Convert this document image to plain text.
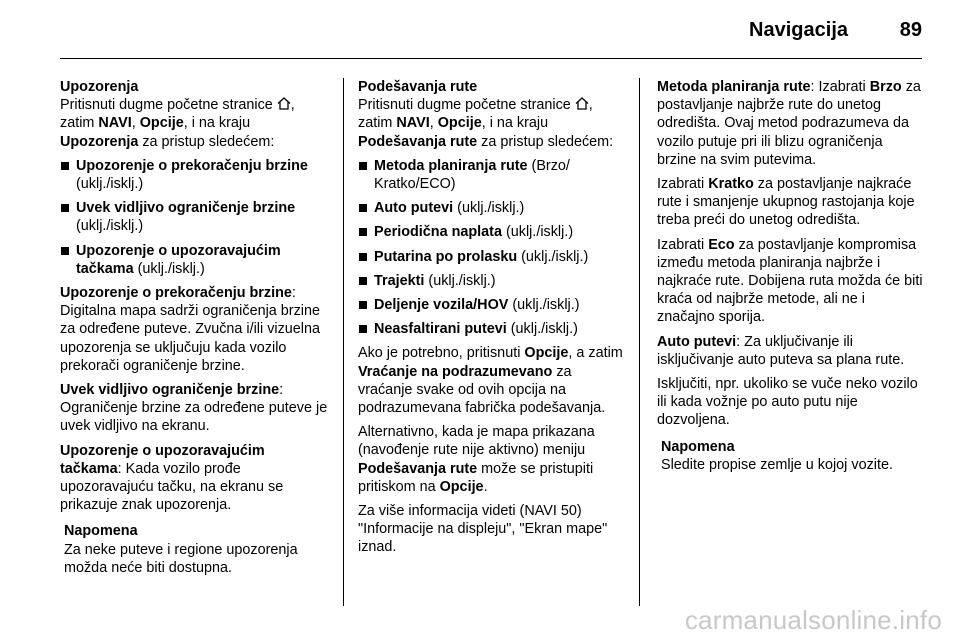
Navigacija	89
Upozorenja

Pritisnuti dugme početne stranice ,
zatim NAVI, Opcije, i na kraju
Upozorenja za pristup sledećem:

Upozorenje o prekoračenju brzine
(uklj./isklj.)
Uvek vidljivo ograničenje brzine
(uklj./isklj.)
Upozorenje o upozoravajućim tačkama (uklj./isklj.)

Upozorenje o prekoračenju brzine: Digitalna mapa sadrži ograničenja brzine za određene puteve. Zvučna i/ili vizuelna upozorenja se uključuju kada vozilo prekorači ograničenje brzine.

Uvek vidljivo ograničenje brzine: Ograničenje brzine za određene puteve je uvek vidljivo na ekranu.

Upozorenje o upozoravajućim tačkama: Kada vozilo prođe upozoravajuću tačku, na ekranu se prikazuje znak upozorenja.

Napomena
Za neke puteve i regione upozorenja možda neće biti dostupna.
Podešavanja rute

Pritisnuti dugme početne stranice ,
zatim NAVI, Opcije, i na kraju
Podešavanja rute za pristup sledećem:

Metoda planiranja rute (Brzo/ Kratko/ECO)
Auto putevi (uklj./isklj.)
Periodična naplata (uklj./isklj.)
Putarina po prolasku (uklj./isklj.)
Trajekti (uklj./isklj.)
Deljenje vozila/HOV (uklj./isklj.)
Neasfaltirani putevi (uklj./isklj.)

Ako je potrebno, pritisnuti Opcije, a zatim Vraćanje na podrazumevano za vraćanje svake od ovih opcija na podrazumevana fabrička podešavanja.

Alternativno, kada je mapa prikazana (navođenje rute nije aktivno) meniju Podešavanja rute može se pristupiti pritiskom na Opcije.

Za više informacija videti (NAVI 50) "Informacije na displeju", "Ekran mape" iznad.

Metoda planiranja rute: Izabrati Brzo za postavljanje najbrže rute do unetog odredišta. Ovaj metod podrazumeva da vozilo putuje pri ili blizu ograničenja brzine na svim putevima.

Izabrati Kratko za postavljanje najkraće rute i smanjenje ukupnog rastojanja koje treba preći do unetog odredišta.

Izabrati Eco za postavljanje kompromisa između metoda planiranja najbrže i najkraće rute. Dobijena ruta možda će biti kraća od najbrže metode, ali ne i značajno sporija.

Auto putevi: Za uključivanje ili isključivanje auto puteva sa plana rute.

Isključiti, npr. ukoliko se vuče neko vozilo ili kada vožnje po auto putu nije dozvoljena.

Napomena
Sledite propise zemlje u kojoj vozite.
carmanualsonline.info
